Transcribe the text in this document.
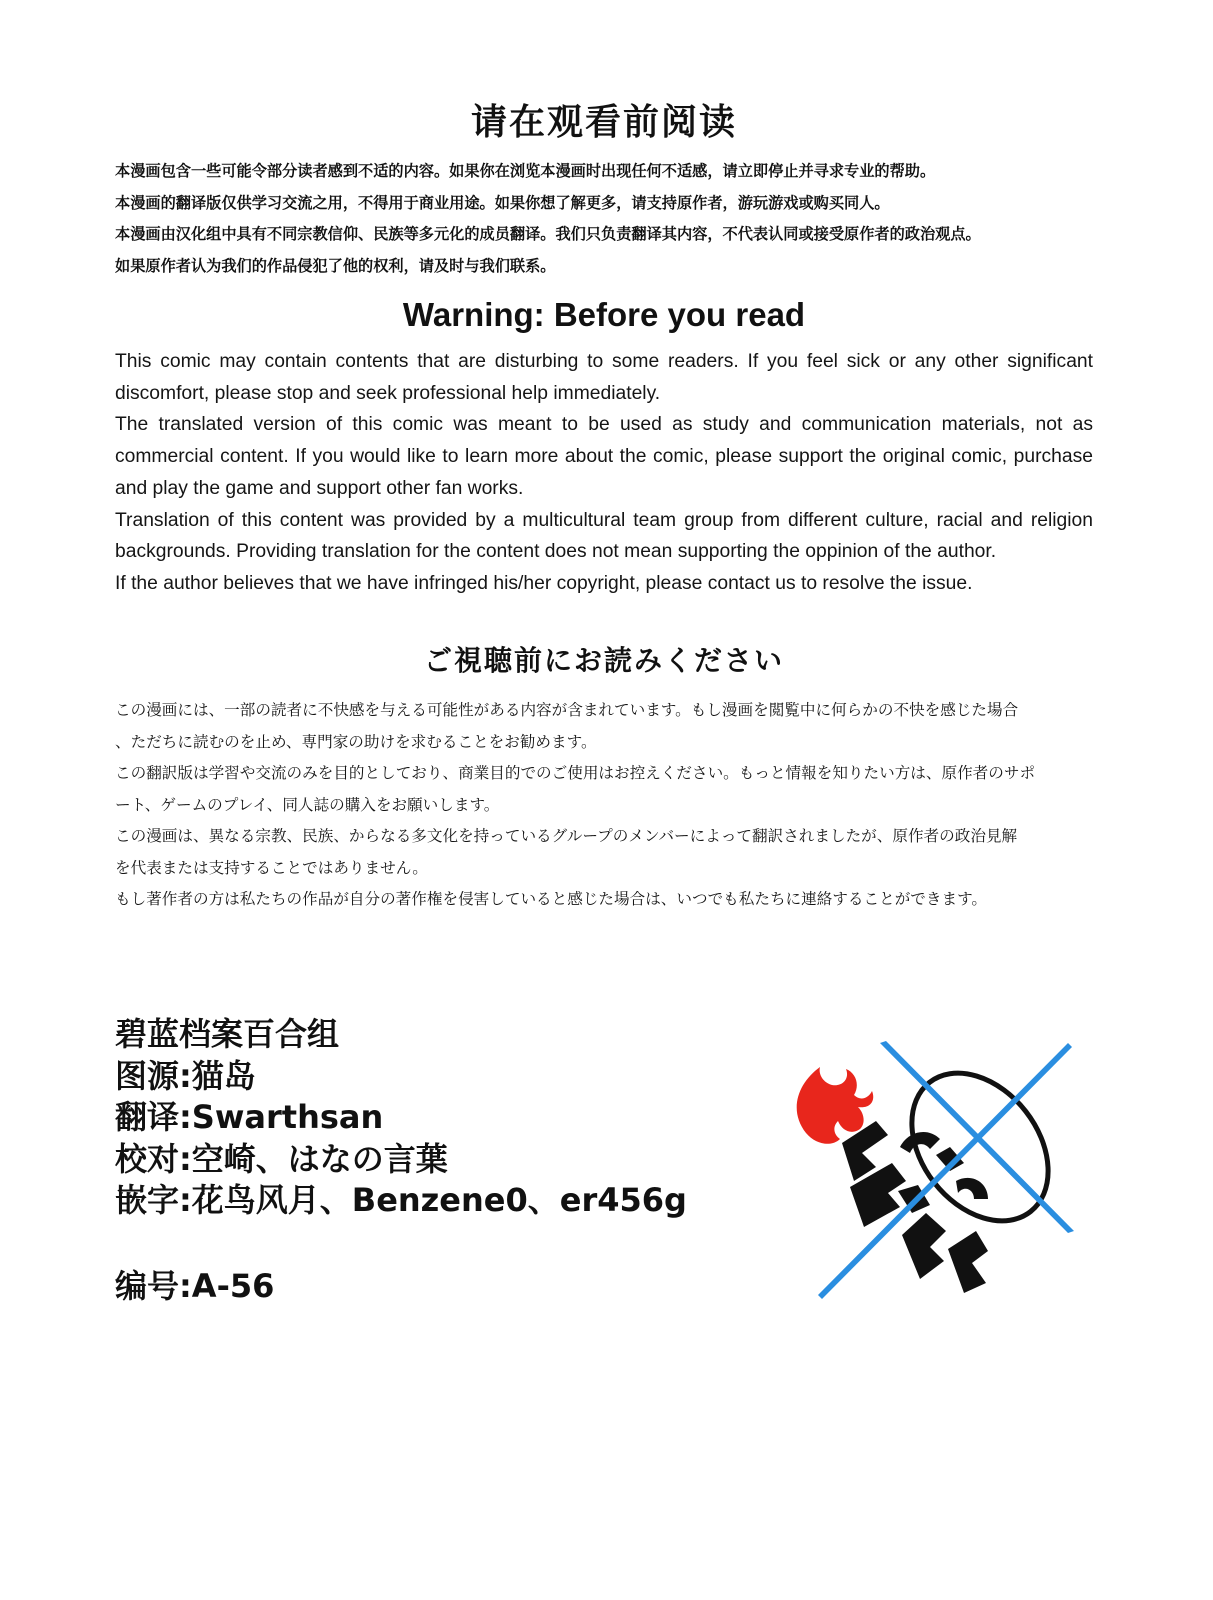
请在观看前阅读
本漫画包含一些可能令部分读者感到不适的内容。如果你在浏览本漫画时出现任何不适感，请立即停止并寻求专业的帮助。
本漫画的翻译版仅供学习交流之用，不得用于商业用途。如果你想了解更多，请支持原作者，游玩游戏或购买同人。
本漫画由汉化组中具有不同宗教信仰、民族等多元化的成员翻译。我们只负责翻译其内容，不代表认同或接受原作者的政治观点。
如果原作者认为我们的作品侵犯了他的权利，请及时与我们联系。
Warning: Before you read
This comic may contain contents that are disturbing to some readers. If you feel sick or any other significant discomfort, please stop and seek professional help immediately.
The translated version of this comic was meant to be used as study and communication materials, not as commercial content. If you would like to learn more about the comic, please support the original comic, purchase and play the game and support other fan works.
Translation of this content was provided by a multicultural team group from different culture, racial and religion backgrounds. Providing translation for the content does not mean supporting the oppinion of the author.
If the author believes that we have infringed his/her copyright, please contact us to resolve the issue.
ご視聴前にお読みください
この漫画には、一部の読者に不快感を与える可能性がある内容が含まれています。もし漫画を閲覧中に何らかの不快を感じた場合
、ただちに読むのを止め、専門家の助けを求むることをお勧めます。
この翻訳版は学習や交流のみを目的としており、商業目的でのご使用はお控えください。もっと情報を知りたい方は、原作者のサポ
ート、ゲームのプレイ、同人誌の購入をお願いします。
この漫画は、異なる宗教、民族、からなる多文化を持っているグループのメンバーによって翻訳されましたが、原作者の政治見解
を代表または支持することではありません。
もし著作者の方は私たちの作品が自分の著作権を侵害していると感じた場合は、いつでも私たちに連絡することができます。
碧蓝档案百合组
图源:猫岛
翻译:Swarthsan
校对:空崎、はなの言葉
嵌字:花鸟风月、Benzene0、er456g
编号:A-56
